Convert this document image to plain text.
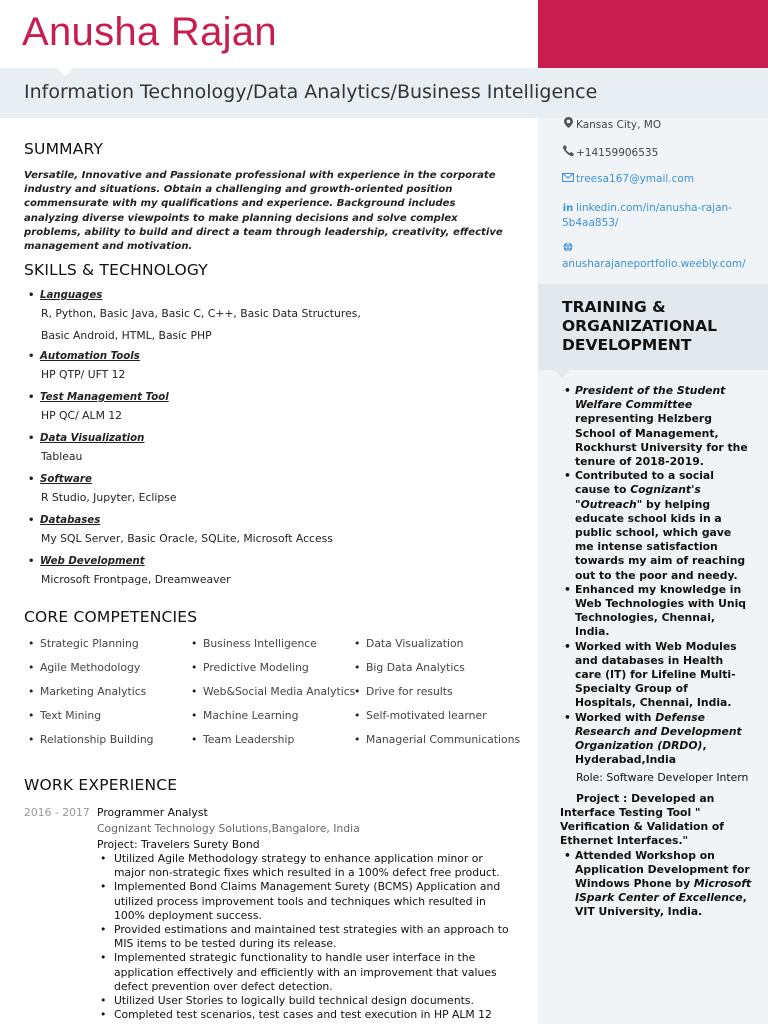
Anusha Rajan
Information Technology/Data Analytics/Business Intelligence
Kansas City, MO
+14159906535
treesa167@ymail.com
in linkedin.com/in/anusha-rajan-
5b4aa853/

anusharajaneportfolio.weebly.com/
SUMMARY

Versatile, Innovative and Passionate professional with experience in the corporate industry and situations. Obtain a challenging and growth-oriented position commensurate with my qualifications and experience. Background includes analyzing diverse viewpoints to make planning decisions and solve complex problems, ability to build and direct a team through leadership, creativity, effective management and motivation.

SKILLS & TECHNOLOGY
• Languages
R, Python, Basic Java, Basic C, C++, Basic Data Structures,
Basic Android, HTML, Basic PHP
• Automation Tools
HP QTP/ UFT 12
• Test Management Tool
HP QC/ ALM 12
• Data Visualization
Tableau
• Software
R Studio, Jupyter, Eclipse
• Databases
My SQL Server, Basic Oracle, SQLite, Microsoft Access
• Web Development
Microsoft Frontpage, Dreamweaver
CORE COMPETENCIES
• Strategic Planning	• Business Intelligence	• Data Visualization
• Agile Methodology	• Predictive Modeling	• Big Data Analytics
• Marketing Analytics	• Web&Social Media Analytics • Drive for results
• Text Mining	• Machine Learning	• Self-motivated learner
• Relationship Building	• Team Leadership	• Managerial Communications
WORK EXPERIENCE
2016 - 2017 Programmer Analyst
Cognizant Technology Solutions,Bangalore, India
Project: Travelers Surety Bond
• Utilized Agile Methodology strategy to enhance application minor or major non-strategic fixes which resulted in a 100% defect free product.
• Implemented Bond Claims Management Surety (BCMS) Application and utilized process improvement tools and techniques which resulted in 100% deployment success.
• Provided estimations and maintained test strategies with an approach to MIS items to be tested during its release.
• Implemented strategic functionality to handle user interface in the application effectively and efficiently with an improvement that values defect prevention over defect detection.
• Utilized User Stories to logically build technical design documents.
• Completed test scenarios, test cases and test execution in HP ALM 12
TRAINING &
ORGANIZATIONAL
DEVELOPMENT
• President of the Student Welfare Committee representing Helzberg School of Management, Rockhurst University for the tenure of 2018-2019.
• Contributed to a social cause to Cognizant's "Outreach" by helping educate school kids in a public school, which gave me intense satisfaction towards my aim of reaching out to the poor and needy.
• Enhanced my knowledge in Web Technologies with Uniq Technologies, Chennai, India.
• Worked with Web Modules and databases in Health care (IT) for Lifeline Multi-Specialty Group of Hospitals, Chennai, India.
• Worked with Defense Research and Development Organization (DRDO), Hyderabad,India
Role: Software Developer Intern
Project : Developed an Interface Testing Tool " Verification & Validation of Ethernet Interfaces."
• Attended Workshop on Application Development for Windows Phone by Microsoft ISpark Center of Excellence, VIT University, India.
